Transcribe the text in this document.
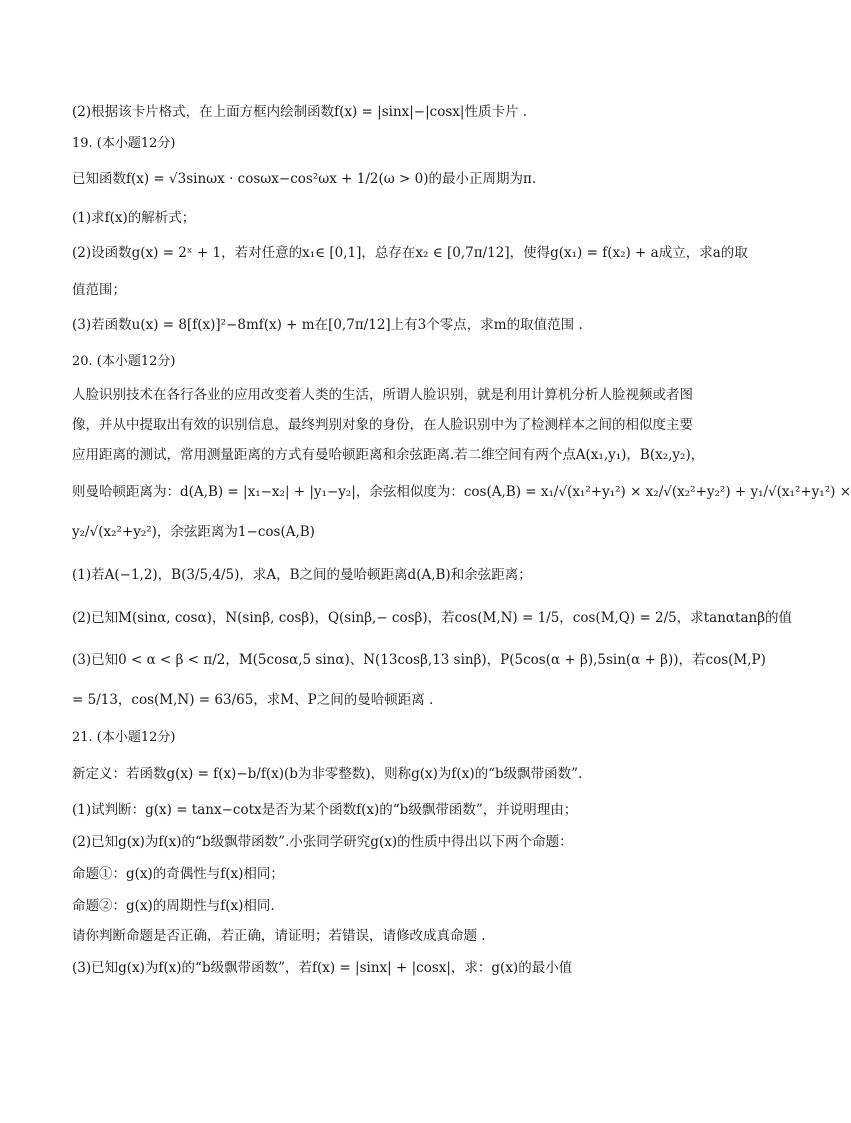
(2)根据该卡片格式，在上面方框内绘制函数f(x) = |sinx|−|cosx|性质卡片 .
19. (本小题12分)
已知函数f(x) = √3sinωx · cosωx−cos²ωx + 1/2(ω > 0)的最小正周期为π.
(1)求f(x)的解析式；
(2)设函数g(x) = 2ˣ + 1，若对任意的x₁∈ [0,1]，总存在x₂ ∈ [0,7π/12]，使得g(x₁) = f(x₂) + a成立，求a的取
值范围；
(3)若函数u(x) = 8[f(x)]²−8mf(x) + m在[0,7π/12]上有3个零点，求m的取值范围 .
20. (本小题12分)
人脸识别技术在各行各业的应用改变着人类的生活，所谓人脸识别，就是利用计算机分析人脸视频或者图
像，并从中提取出有效的识别信息，最终判别对象的身份，在人脸识别中为了检测样本之间的相似度主要
应用距离的测试，常用测量距离的方式有曼哈顿距离和余弦距离.若二维空间有两个点A(x₁,y₁)，B(x₂,y₂)，
则曼哈顿距离为：d(A,B) = |x₁−x₂| + |y₁−y₂|，余弦相似度为：cos(A,B) = x₁/√(x₁²+y₁²) × x₂/√(x₂²+y₂²) + y₁/√(x₁²+y₁²) ×
y₂/√(x₂²+y₂²)，余弦距离为1−cos(A,B)
(1)若A(−1,2)，B(3/5,4/5)，求A，B之间的曼哈顿距离d(A,B)和余弦距离；
(2)已知M(sinα, cosα)，N(sinβ, cosβ)，Q(sinβ,− cosβ)，若cos(M,N) = 1/5，cos(M,Q) = 2/5，求tanαtanβ的值
(3)已知0 < α < β < π/2，M(5cosα,5 sinα)、N(13cosβ,13 sinβ)，P(5cos(α + β),5sin(α + β))，若cos(M,P)
= 5/13，cos(M,N) = 63/65，求M、P之间的曼哈顿距离 .
21. (本小题12分)
新定义：若函数g(x) = f(x)−b/f(x)(b为非零整数)，则称g(x)为f(x)的“b级飘带函数”.
(1)试判断：g(x) = tanx−cotx是否为某个函数f(x)的“b级飘带函数”，并说明理由；
(2)已知g(x)为f(x)的“b级飘带函数”.小张同学研究g(x)的性质中得出以下两个命题：
命题①：g(x)的奇偶性与f(x)相同；
命题②：g(x)的周期性与f(x)相同.
请你判断命题是否正确，若正确，请证明；若错误，请修改成真命题 .
(3)已知g(x)为f(x)的“b级飘带函数”，若f(x) = |sinx| + |cosx|，求：g(x)的最小值
